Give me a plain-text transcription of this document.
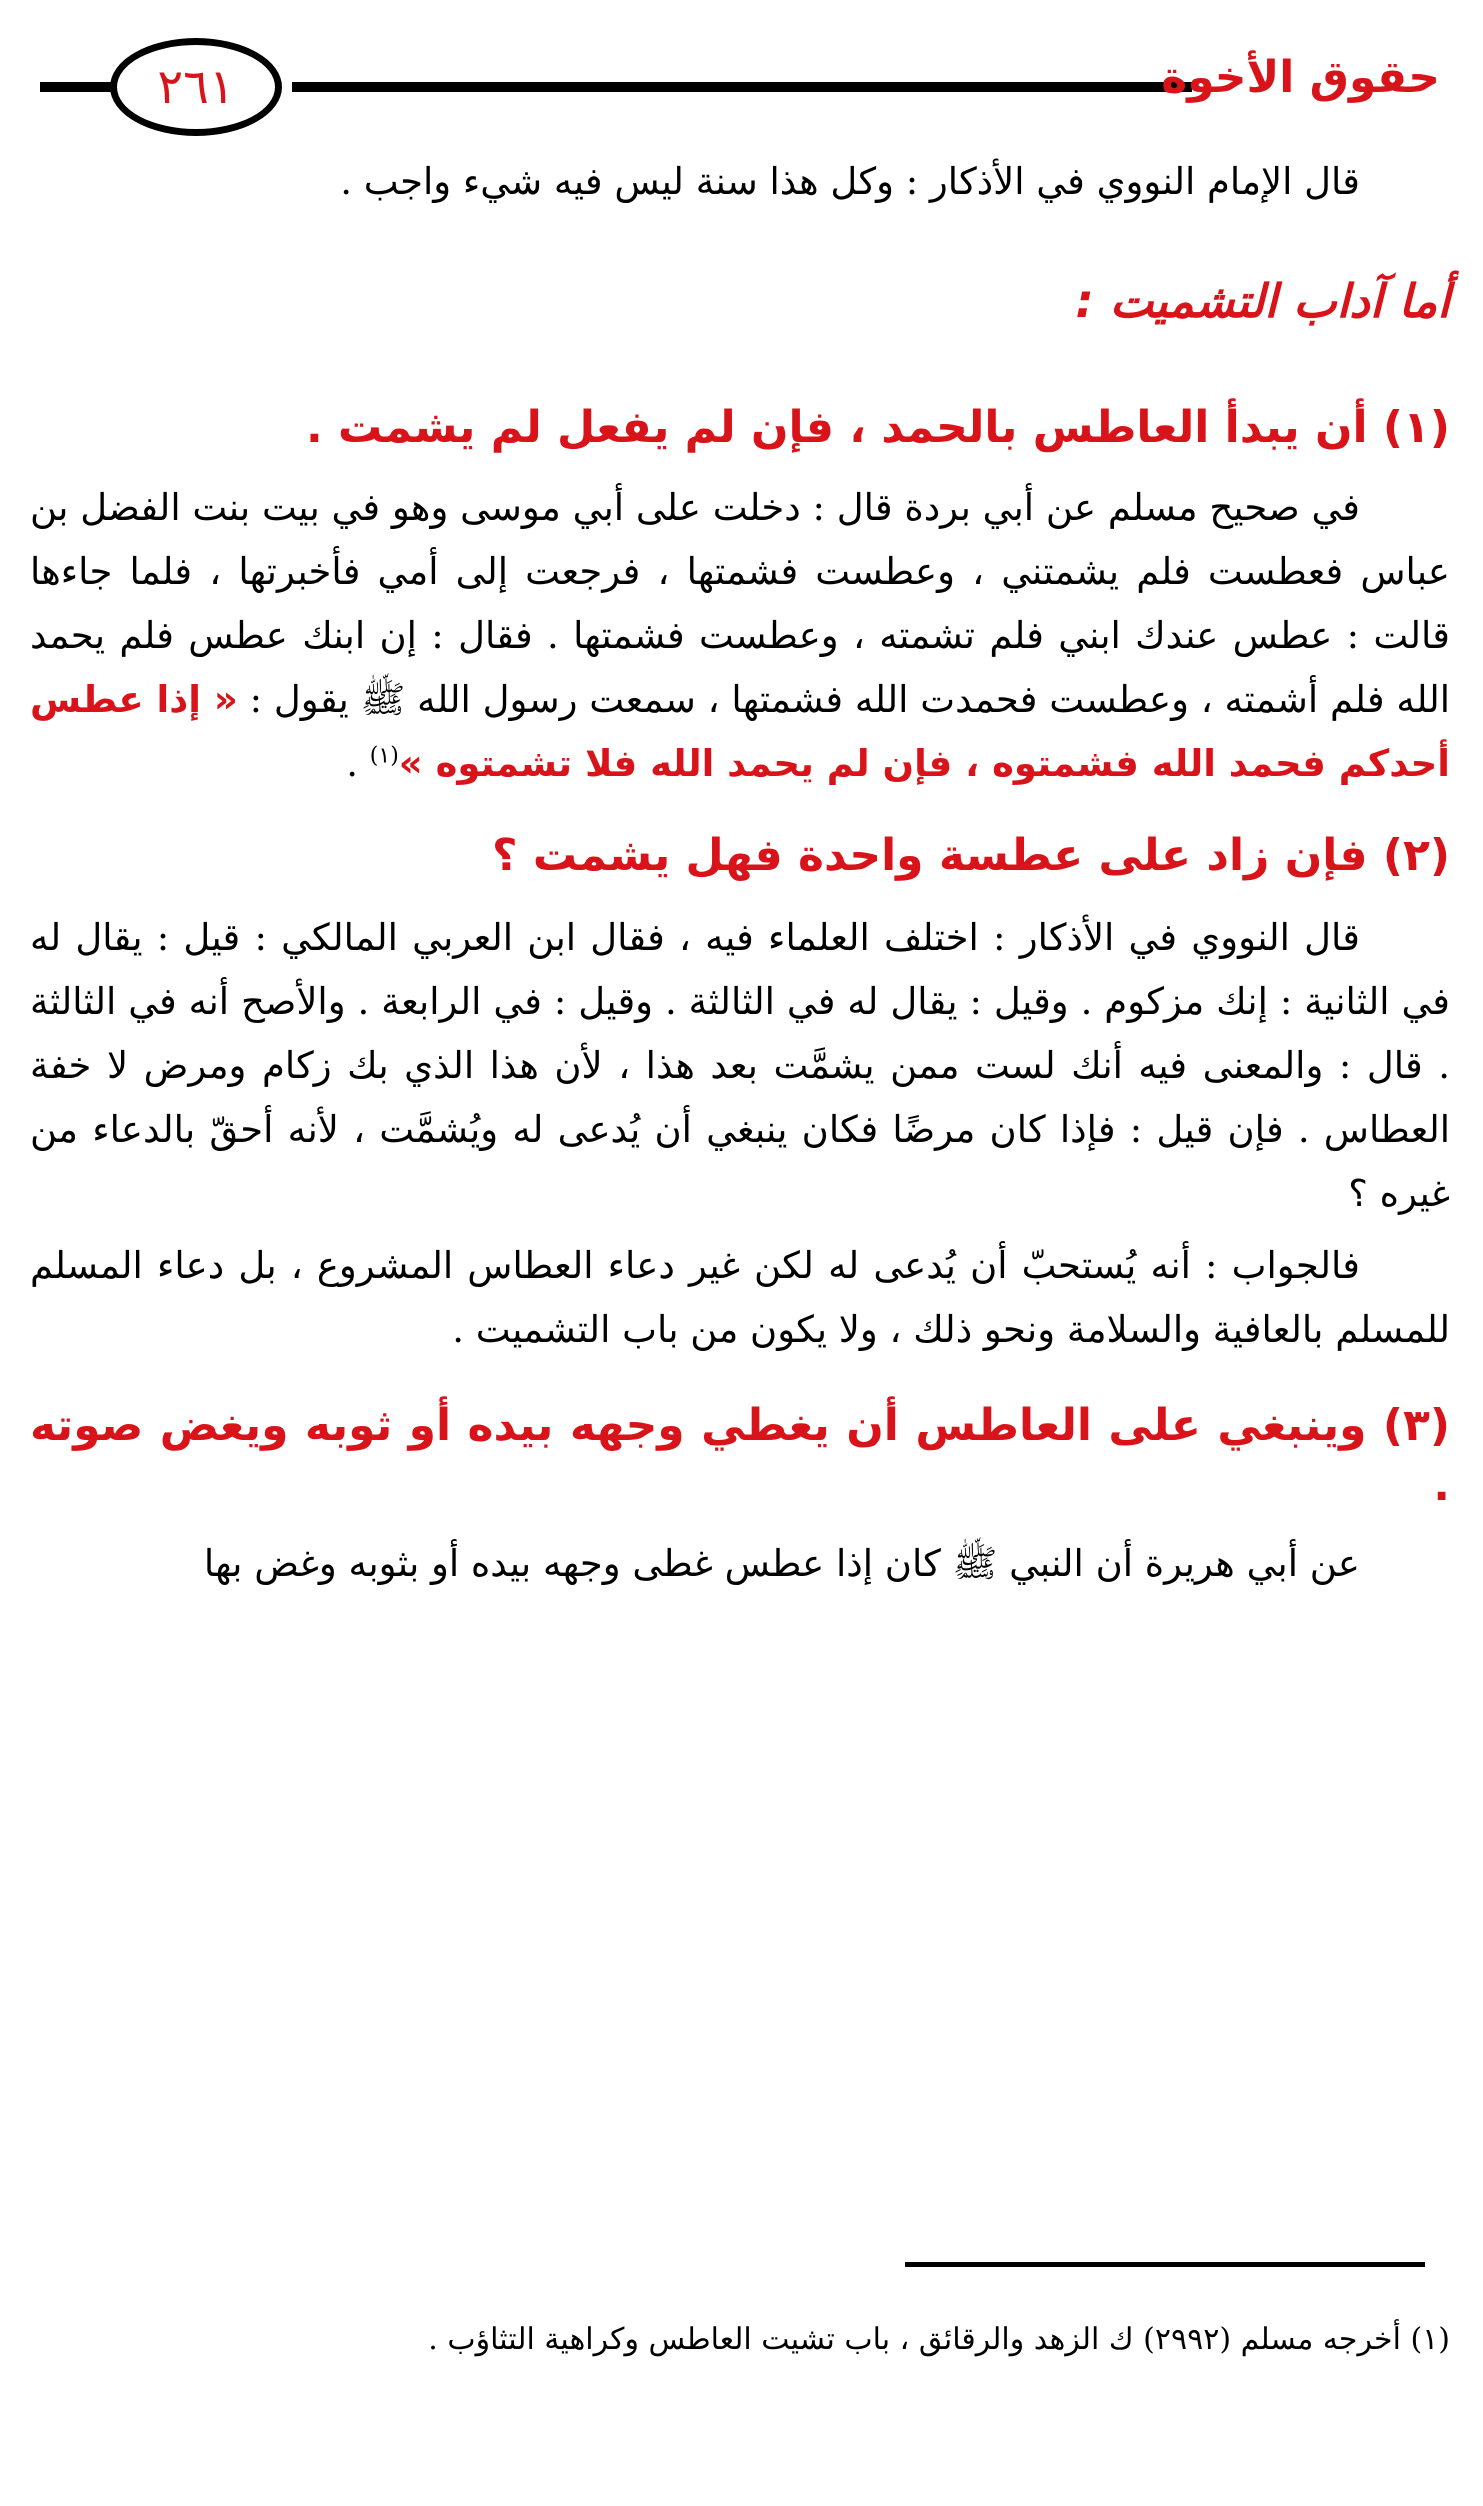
٢٦١	حقوق الأخوة

قال الإمام النووي في الأذكار : وكل هذا سنة ليس فيه شيء واجب .

أما آداب التشميت :

(١) أن يبدأ العاطس بالحمد ، فإن لم يفعل لم يشمت .

في صحيح مسلم عن أبي بردة قال : دخلت على أبي موسى وهو في بيت بنت الفضل بن عباس فعطست فلم يشمتني ، وعطست فشمتها ، فرجعت إلى أمي فأخبرتها ، فلما جاءها قالت : عطس عندك ابني فلم تشمته ، وعطست فشمتها . فقال : إن ابنك عطس فلم يحمد الله فلم أشمته ، وعطست فحمدت الله فشمتها ، سمعت رسول الله ﷺ يقول : « إذا عطس أحدكم فحمد الله فشمتوه ، فإن لم يحمد الله فلا تشمتوه »$^{(١)}$ .

(٢) فإن زاد على عطسة واحدة فهل يشمت ؟

قال النووي في الأذكار : اختلف العلماء فيه ، فقال ابن العربي المالكي : قيل : يقال له في الثانية : إنك مزكوم . وقيل : يقال له في الثالثة . وقيل : في الرابعة . والأصح أنه في الثالثة . قال : والمعنى فيه أنك لست ممن يشمَّت بعد هذا ، لأن هذا الذي بك زكام ومرض لا خفة العطاس . فإن قيل : فإذا كان مرضًا فكان ينبغي أن يُدعى له ويُشمَّت ، لأنه أحقّ بالدعاء من غيره ؟

فالجواب : أنه يُستحبّ أن يُدعى له لكن غير دعاء العطاس المشروع ، بل دعاء المسلم للمسلم بالعافية والسلامة ونحو ذلك ، ولا يكون من باب التشميت .

(٣) وينبغي على العاطس أن يغطي وجهه بيده أو ثوبه ويغض صوته .

عن أبي هريرة أن النبي ﷺ كان إذا عطس غطى وجهه بيده أو بثوبه وغض بها

(١) أخرجه مسلم (٢٩٩٢) ك الزهد والرقائق ، باب تشيت العاطس وكراهية التثاؤب .
